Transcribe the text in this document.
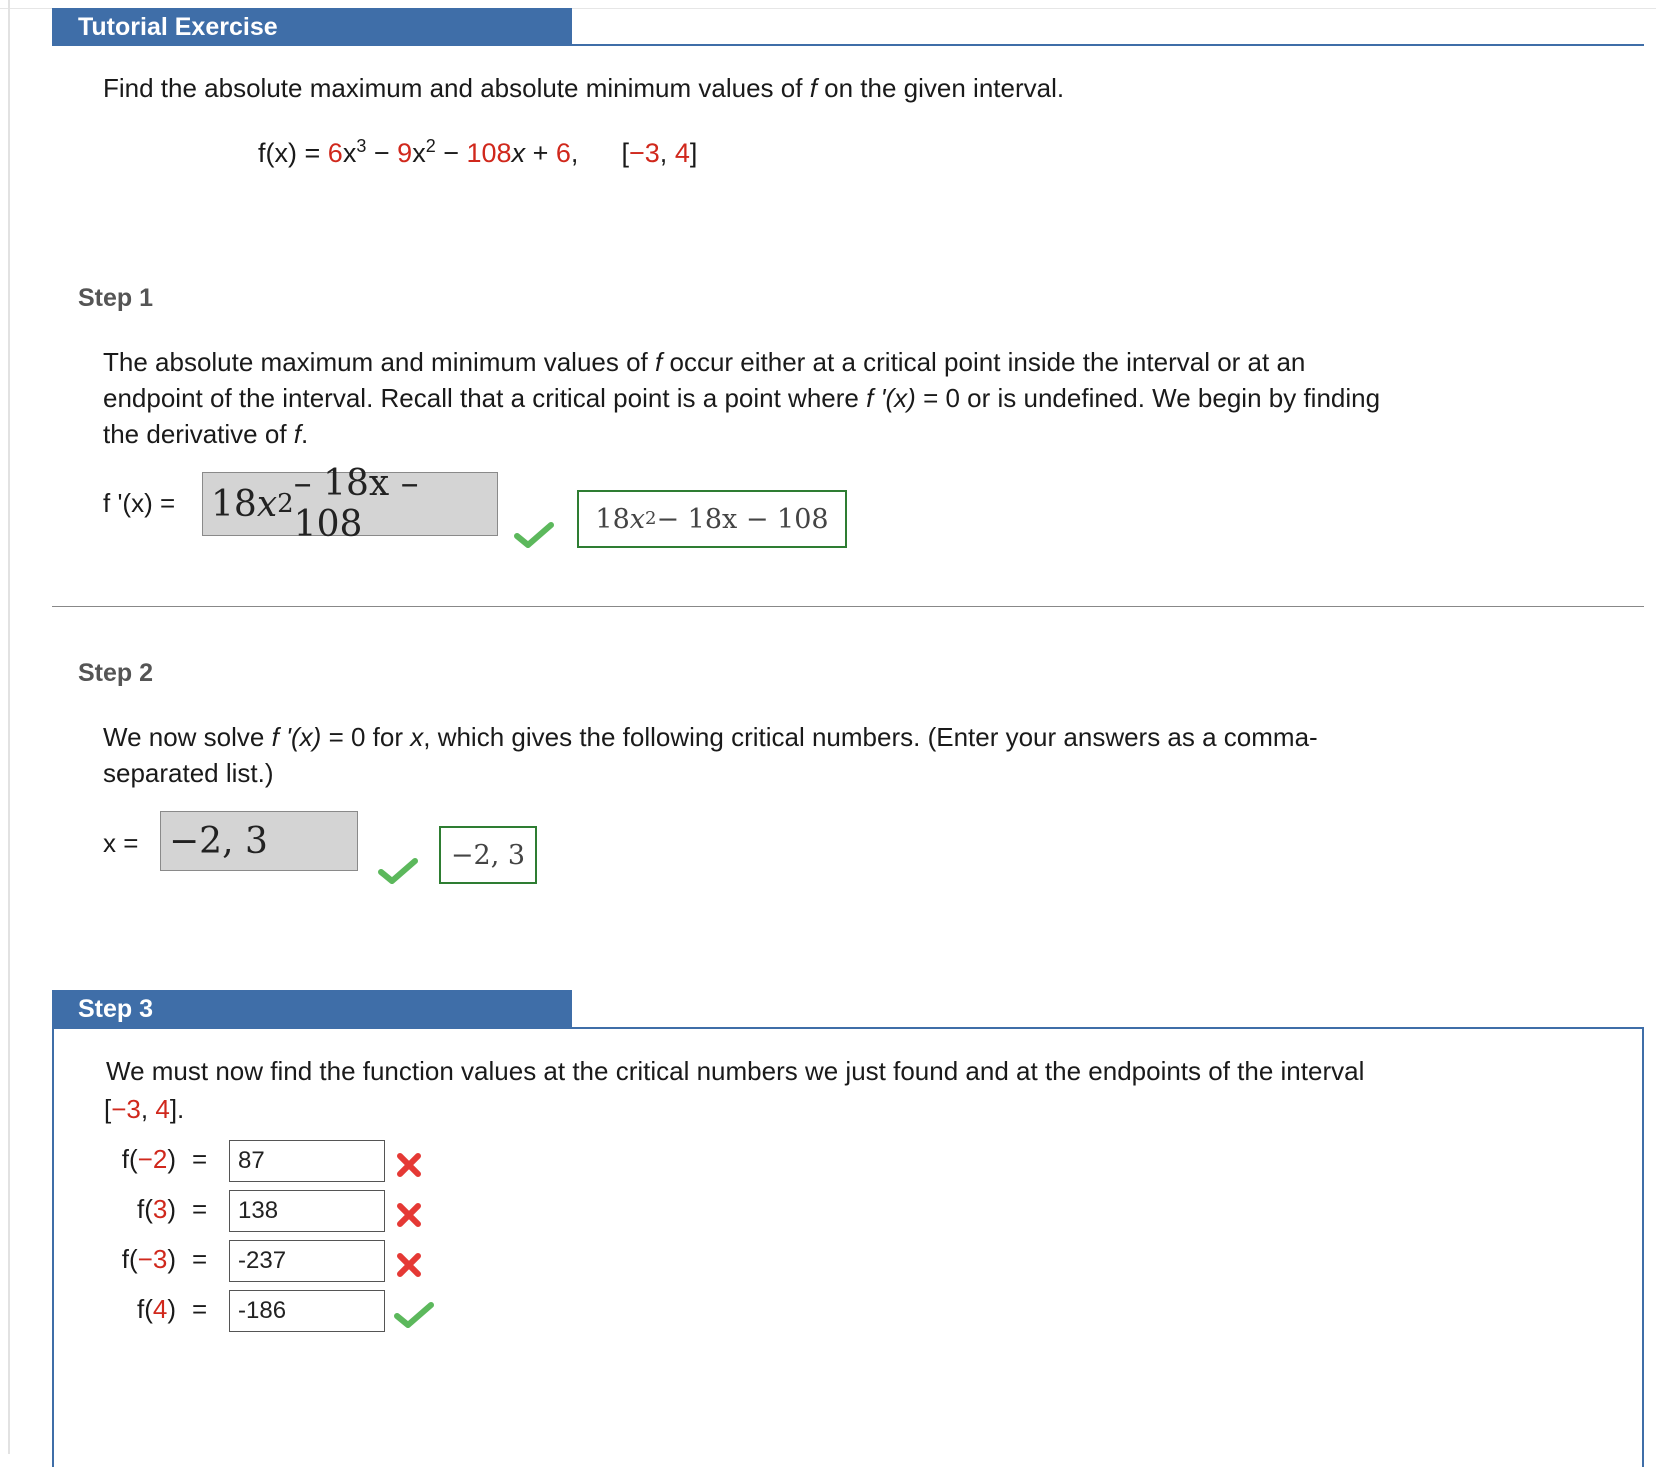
Tutorial Exercise

Find the absolute maximum and absolute minimum values of f on the given interval.

$f(x) = 6x^3 - 9x^2 - 108x + 6$, [−3, 4]
Step 1

The absolute maximum and minimum values of f occur either at a critical point inside the interval or at an

endpoint of the interval. Recall that a critical point is a point where f '(x) = 0 or is undefined. We begin by finding

the derivative of f.

f '(x) = 18 x 2 – 18x – 108	18 x 2 − 18x − 108
Step 2

We now solve f '(x) = 0 for x, which gives the following critical numbers. (Enter your answers as a comma-

separated list.)

x = −2, 3	−2, 3
Step 3

We must now find the function values at the critical numbers we just found and at the endpoints of the interval

[−3, 4].

f(−2) =	87
f(3) =	138
f(−3) =	-237
f(4) =	-186
